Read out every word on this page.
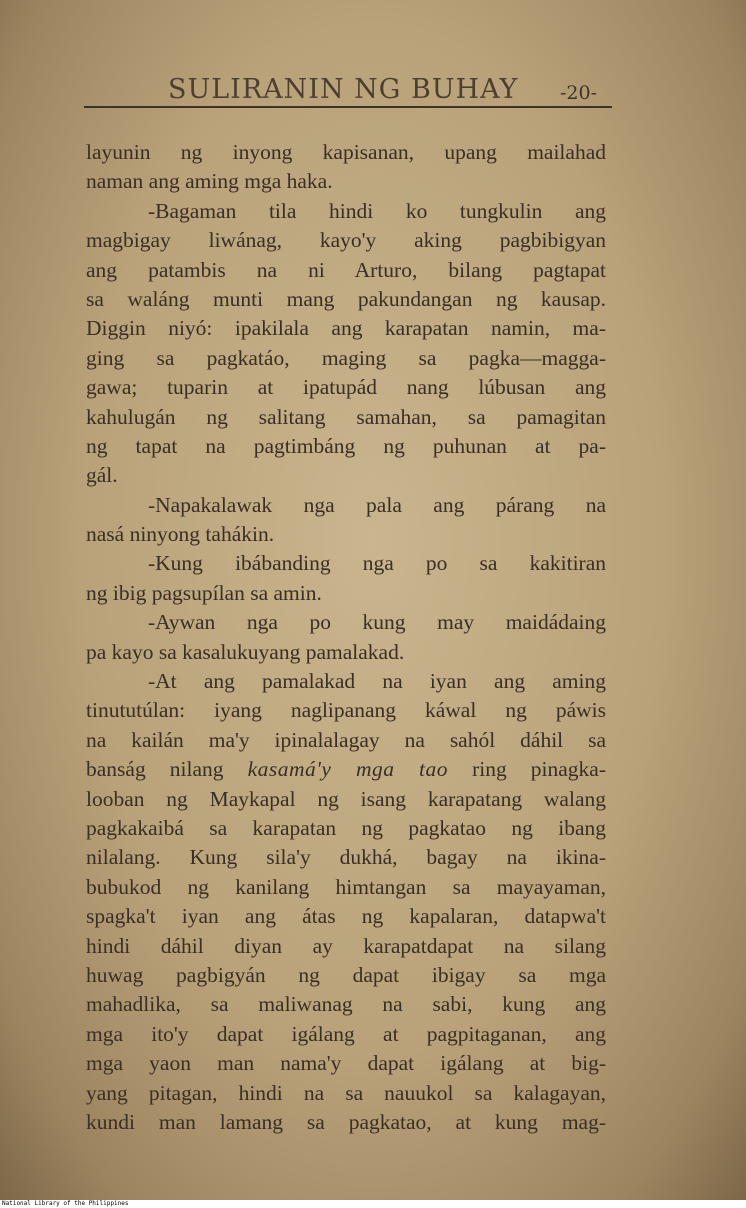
SULIRANIN NG BUHAY -20-
layunin ng inyong kapisanan, upang mailahad
naman ang aming mga haka.
-Bagaman tila hindi ko tungkulin ang
magbigay liwánag, kayo'y aking pagbibigyan
ang patambis na ni Arturo, bilang pagtapat
sa waláng munti mang pakundangan ng kausap.
Diggin niyó: ipakilala ang karapatan namin, ma-
ging sa pagkatáo, maging sa pagka—magga-
gawa; tuparin at ipatupád nang lúbusan ang
kahulugán ng salitang samahan, sa pamagitan
ng tapat na pagtimbáng ng puhunan at pa-
gál.
-Napakalawak nga pala ang párang na
nasá ninyong tahákin.
-Kung ibábanding nga po sa kakitiran
ng ibig pagsupílan sa amin.
-Aywan nga po kung may maidádaing
pa kayo sa kasalukuyang pamalakad.
-At ang pamalakad na iyan ang aming
tinututúlan: iyang naglipanang káwal ng páwis
na kailán ma'y ipinalalagay na sahól dáhil sa
banság nilang kasamá'y mga tao ring pinagka-
looban ng Maykapal ng isang karapatang walang
pagkakaibá sa karapatan ng pagkatao ng ibang
nilalang. Kung sila'y dukhá, bagay na ikina-
bubukod ng kanilang himtangan sa mayayaman,
spagka't iyan ang átas ng kapalaran, datapwa't
hindi dáhil diyan ay karapatdapat na silang
huwag pagbigyán ng dapat ibigay sa mga
mahadlika, sa maliwanag na sabi, kung ang
mga ito'y dapat igálang at pagpitaganan, ang
mga yaon man nama'y dapat igálang at big-
yang pitagan, hindi na sa nauukol sa kalagayan,
kundi man lamang sa pagkatao, at kung mag-
National Library of the Philippines
